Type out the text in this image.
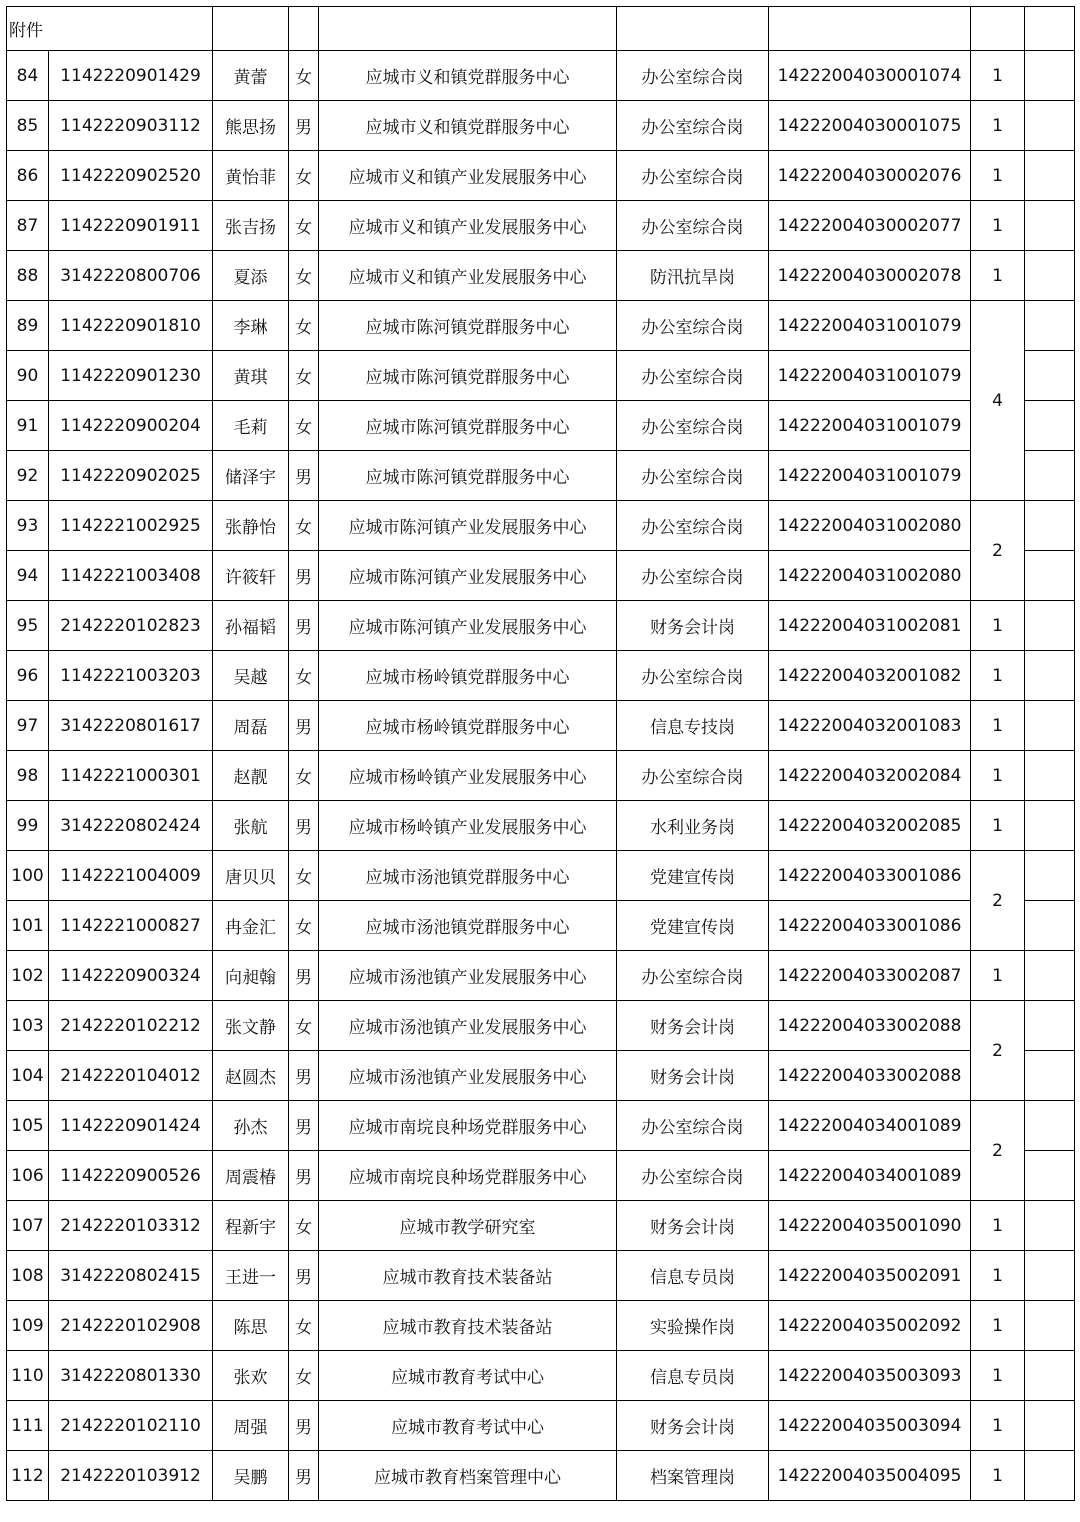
附件								
84	1142220901429	黄蕾	女	应城市义和镇党群服务中心	办公室综合岗	14222004030001074	1	
85	1142220903112	熊思扬	男	应城市义和镇党群服务中心	办公室综合岗	14222004030001075	1	
86	1142220902520	黄怡菲	女	应城市义和镇产业发展服务中心	办公室综合岗	14222004030002076	1	
87	1142220901911	张吉扬	女	应城市义和镇产业发展服务中心	办公室综合岗	14222004030002077	1	
88	3142220800706	夏添	女	应城市义和镇产业发展服务中心	防汛抗旱岗	14222004030002078	1	
89	1142220901810	李琳	女	应城市陈河镇党群服务中心	办公室综合岗	14222004031001079	4	
90	1142220901230	黄琪	女	应城市陈河镇党群服务中心	办公室综合岗	14222004031001079		
91	1142220900204	毛莉	女	应城市陈河镇党群服务中心	办公室综合岗	14222004031001079		
92	1142220902025	储泽宇	男	应城市陈河镇党群服务中心	办公室综合岗	14222004031001079		
93	1142221002925	张静怡	女	应城市陈河镇产业发展服务中心	办公室综合岗	14222004031002080	2	
94	1142221003408	许筱轩	男	应城市陈河镇产业发展服务中心	办公室综合岗	14222004031002080		
95	2142220102823	孙福韬	男	应城市陈河镇产业发展服务中心	财务会计岗	14222004031002081	1	
96	1142221003203	吴越	女	应城市杨岭镇党群服务中心	办公室综合岗	14222004032001082	1	
97	3142220801617	周磊	男	应城市杨岭镇党群服务中心	信息专技岗	14222004032001083	1	
98	1142221000301	赵靓	女	应城市杨岭镇产业发展服务中心	办公室综合岗	14222004032002084	1	
99	3142220802424	张航	男	应城市杨岭镇产业发展服务中心	水利业务岗	14222004032002085	1	
100	1142221004009	唐贝贝	女	应城市汤池镇党群服务中心	党建宣传岗	14222004033001086	2	
101	1142221000827	冉金汇	女	应城市汤池镇党群服务中心	党建宣传岗	14222004033001086		
102	1142220900324	向昶翰	男	应城市汤池镇产业发展服务中心	办公室综合岗	14222004033002087	1	
103	2142220102212	张文静	女	应城市汤池镇产业发展服务中心	财务会计岗	14222004033002088	2	
104	2142220104012	赵圆杰	男	应城市汤池镇产业发展服务中心	财务会计岗	14222004033002088		
105	1142220901424	孙杰	男	应城市南垸良种场党群服务中心	办公室综合岗	14222004034001089	2	
106	1142220900526	周震椿	男	应城市南垸良种场党群服务中心	办公室综合岗	14222004034001089		
107	2142220103312	程新宇	女	应城市教学研究室	财务会计岗	14222004035001090	1	
108	3142220802415	王进一	男	应城市教育技术装备站	信息专员岗	14222004035002091	1	
109	2142220102908	陈思	女	应城市教育技术装备站	实验操作岗	14222004035002092	1	
110	3142220801330	张欢	女	应城市教育考试中心	信息专员岗	14222004035003093	1	
111	2142220102110	周强	男	应城市教育考试中心	财务会计岗	14222004035003094	1	
112	2142220103912	吴鹏	男	应城市教育档案管理中心	档案管理岗	14222004035004095	1	
